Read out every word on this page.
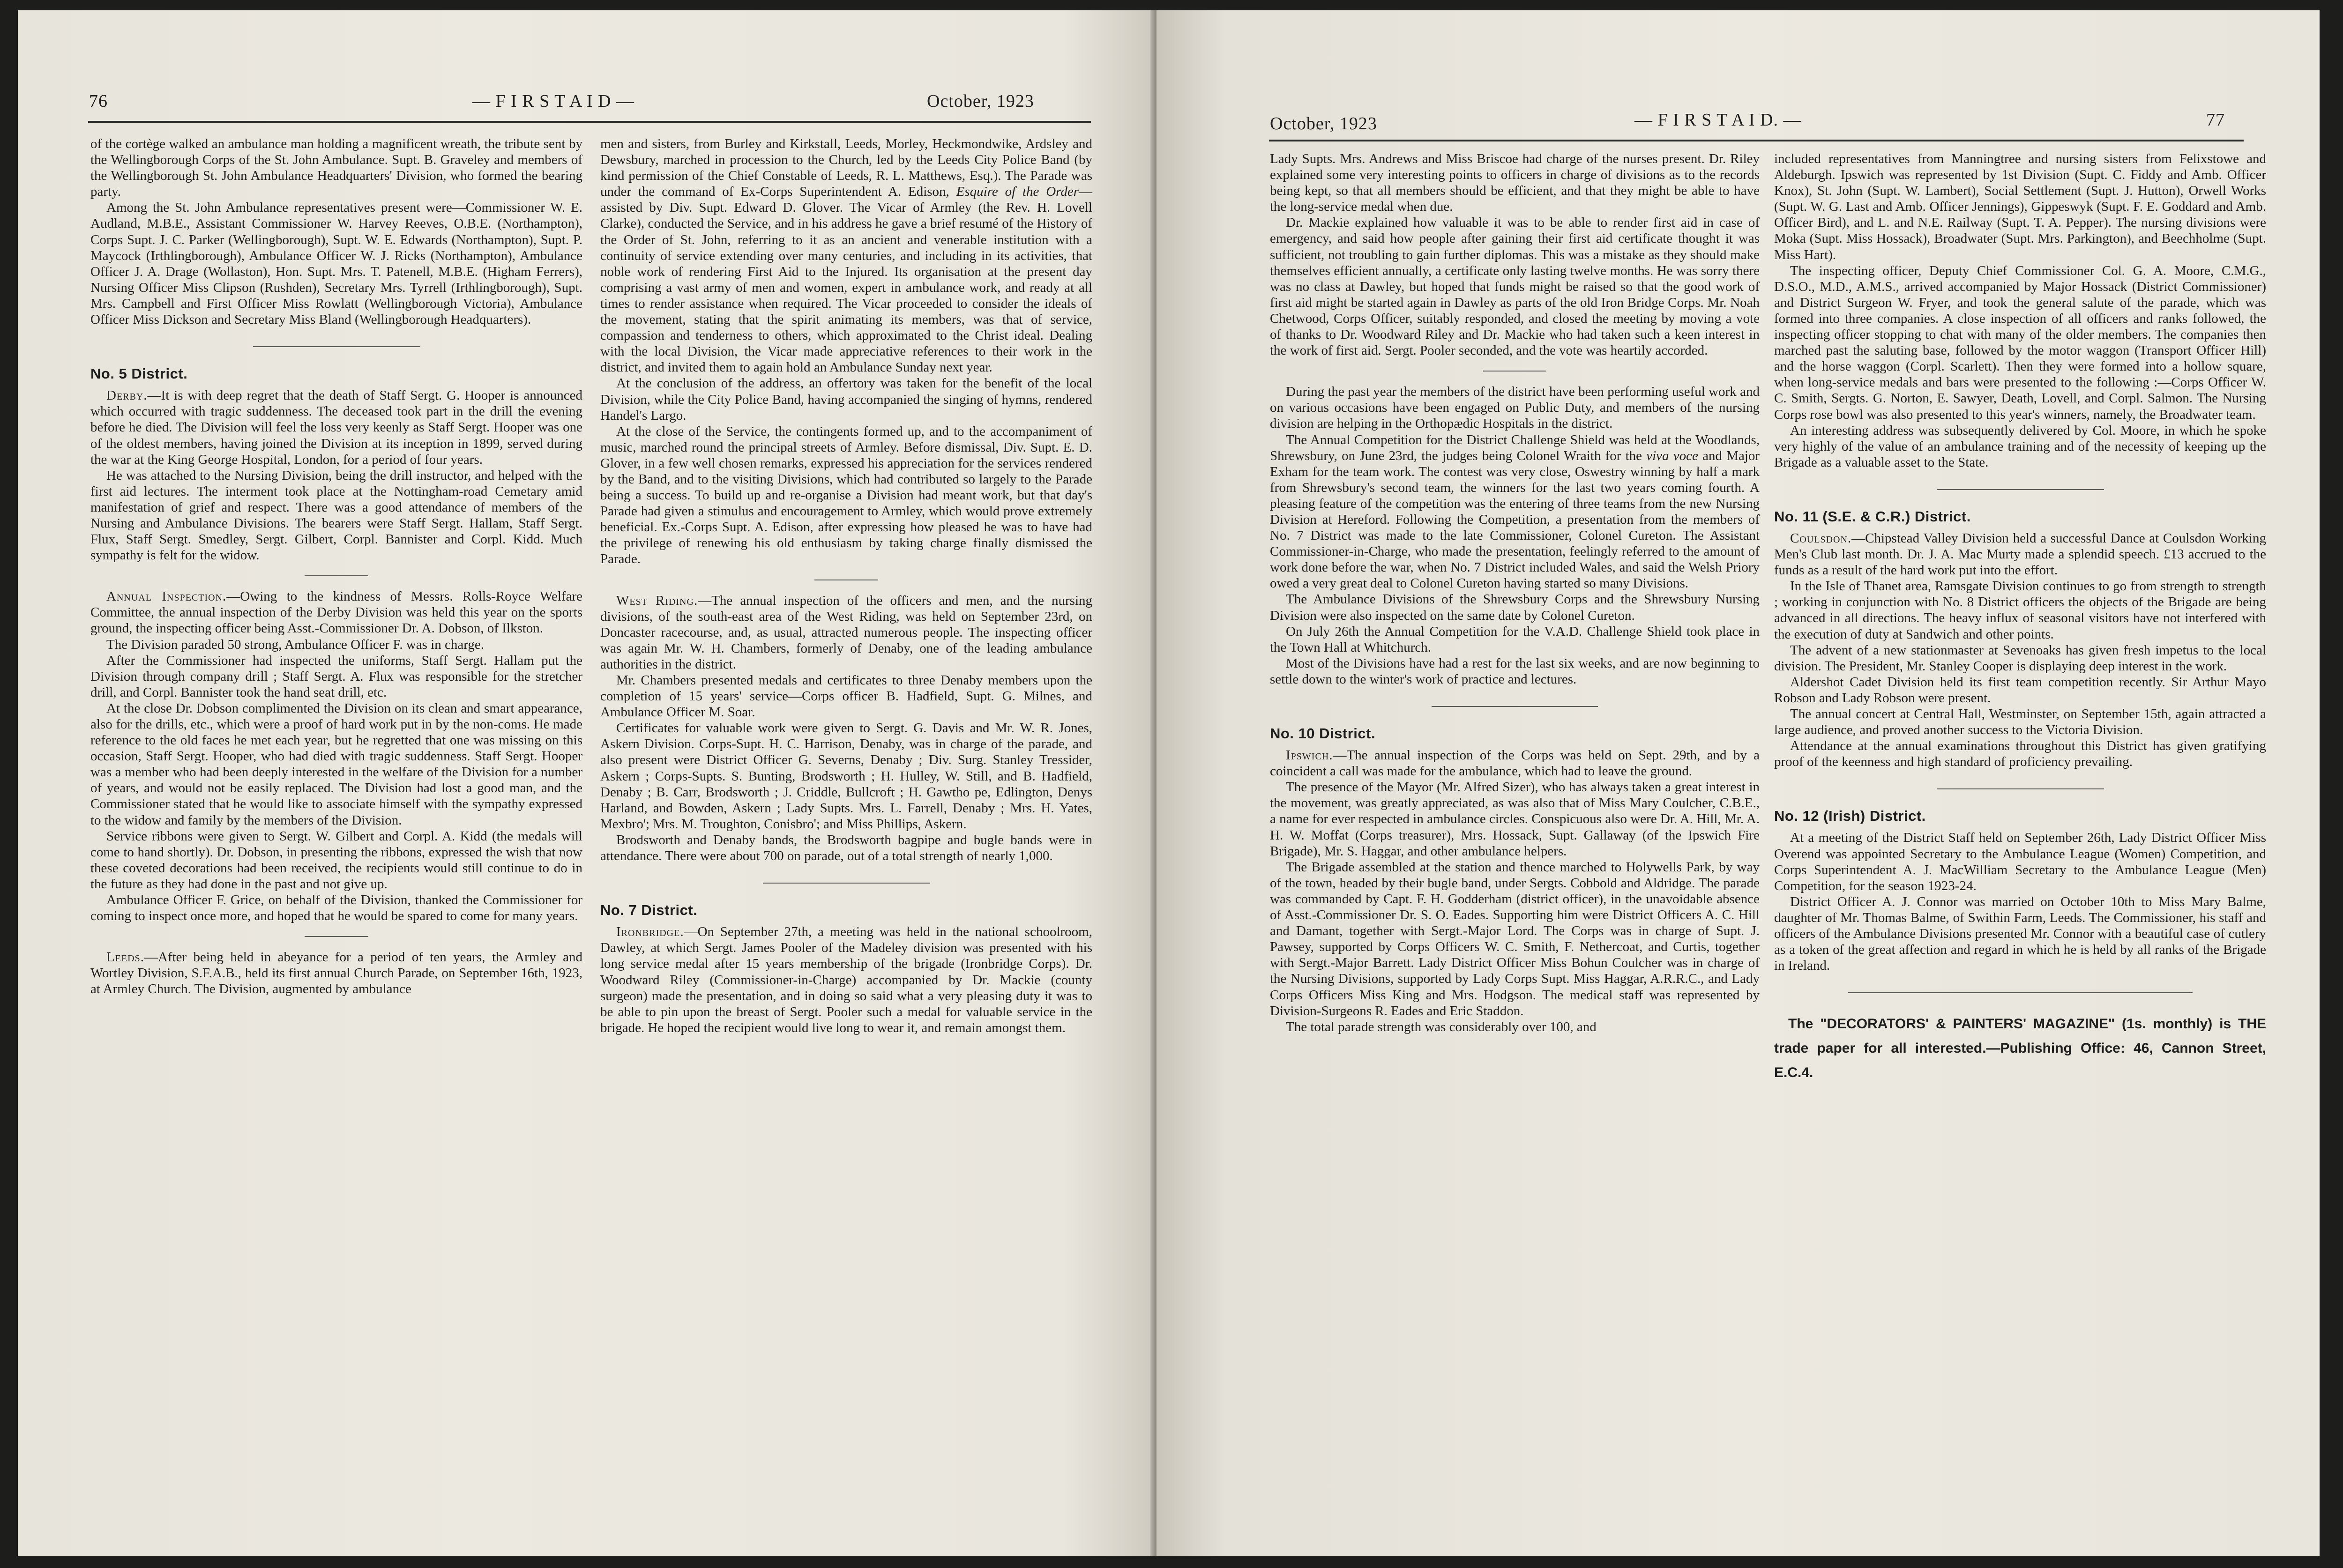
76	— F I R S T A I D —	October, 1923

of the cortège walked an ambulance man holding a magnificent wreath, the tribute sent by the Wellingborough Corps of the St. John Ambulance. Supt. B. Graveley and members of the Wellingborough St. John Ambulance Headquarters' Division, who formed the bearing party.

Among the St. John Ambulance representatives present were—Commissioner W. E. Audland, M.B.E., Assistant Commissioner W. Harvey Reeves, O.B.E. (Northampton), Corps Supt. J. C. Parker (Wellingborough), Supt. W. E. Edwards (Northampton), Supt. P. Maycock (Irthlingborough), Ambulance Officer W. J. Ricks (Northampton), Ambulance Officer J. A. Drage (Wollaston), Hon. Supt. Mrs. T. Patenell, M.B.E. (Higham Ferrers), Nursing Officer Miss Clipson (Rushden), Secretary Mrs. Tyrrell (Irthlingborough), Supt. Mrs. Campbell and First Officer Miss Rowlatt (Wellingborough Victoria), Ambulance Officer Miss Dickson and Secretary Miss Bland (Wellingborough Headquarters).

No. 5 District.

Derby.—It is with deep regret that the death of Staff Sergt. G. Hooper is announced which occurred with tragic suddenness. The deceased took part in the drill the evening before he died. The Division will feel the loss very keenly as Staff Sergt. Hooper was one of the oldest members, having joined the Division at its inception in 1899, served during the war at the King George Hospital, London, for a period of four years.

He was attached to the Nursing Division, being the drill instructor, and helped with the first aid lectures. The interment took place at the Nottingham-road Cemetary amid manifestation of grief and respect. There was a good attendance of members of the Nursing and Ambulance Divisions. The bearers were Staff Sergt. Hallam, Staff Sergt. Flux, Staff Sergt. Smedley, Sergt. Gilbert, Corpl. Bannister and Corpl. Kidd. Much sympathy is felt for the widow.

Annual Inspection.—Owing to the kindness of Messrs. Rolls-Royce Welfare Committee, the annual inspection of the Derby Division was held this year on the sports ground, the inspecting officer being Asst.-Commissioner Dr. A. Dobson, of Ilkston.

The Division paraded 50 strong, Ambulance Officer F. was in charge.

After the Commissioner had inspected the uniforms, Staff Sergt. Hallam put the Division through company drill ; Staff Sergt. A. Flux was responsible for the stretcher drill, and Corpl. Bannister took the hand seat drill, etc.

At the close Dr. Dobson complimented the Division on its clean and smart appearance, also for the drills, etc., which were a proof of hard work put in by the non-coms. He made reference to the old faces he met each year, but he regretted that one was missing on this occasion, Staff Sergt. Hooper, who had died with tragic suddenness. Staff Sergt. Hooper was a member who had been deeply interested in the welfare of the Division for a number of years, and would not be easily replaced. The Division had lost a good man, and the Commissioner stated that he would like to associate himself with the sympathy expressed to the widow and family by the members of the Division.

Service ribbons were given to Sergt. W. Gilbert and Corpl. A. Kidd (the medals will come to hand shortly). Dr. Dobson, in presenting the ribbons, expressed the wish that now these coveted decorations had been received, the recipients would still continue to do in the future as they had done in the past and not give up.

Ambulance Officer F. Grice, on behalf of the Division, thanked the Commissioner for coming to inspect once more, and hoped that he would be spared to come for many years.

Leeds.—After being held in abeyance for a period of ten years, the Armley and Wortley Division, S.F.A.B., held its first annual Church Parade, on September 16th, 1923, at Armley Church. The Division, augmented by ambulance

men and sisters, from Burley and Kirkstall, Leeds, Morley, Heckmondwike, Ardsley and Dewsbury, marched in procession to the Church, led by the Leeds City Police Band (by kind permission of the Chief Constable of Leeds, R. L. Matthews, Esq.). The Parade was under the command of Ex-Corps Superintendent A. Edison, Esquire of the Order—assisted by Div. Supt. Edward D. Glover. The Vicar of Armley (the Rev. H. Lovell Clarke), conducted the Service, and in his address he gave a brief resumé of the History of the Order of St. John, referring to it as an ancient and venerable institution with a continuity of service extending over many centuries, and including in its activities, that noble work of rendering First Aid to the Injured. Its organisation at the present day comprising a vast army of men and women, expert in ambulance work, and ready at all times to render assistance when required. The Vicar proceeded to consider the ideals of the movement, stating that the spirit animating its members, was that of service, compassion and tenderness to others, which approximated to the Christ ideal. Dealing with the local Division, the Vicar made appreciative references to their work in the district, and invited them to again hold an Ambulance Sunday next year.

At the conclusion of the address, an offertory was taken for the benefit of the local Division, while the City Police Band, having accompanied the singing of hymns, rendered Handel's Largo.

At the close of the Service, the contingents formed up, and to the accompaniment of music, marched round the principal streets of Armley. Before dismissal, Div. Supt. E. D. Glover, in a few well chosen remarks, expressed his appreciation for the services rendered by the Band, and to the visiting Divisions, which had contributed so largely to the Parade being a success. To build up and re-organise a Division had meant work, but that day's Parade had given a stimulus and encouragement to Armley, which would prove extremely beneficial. Ex.-Corps Supt. A. Edison, after expressing how pleased he was to have had the privilege of renewing his old enthusiasm by taking charge finally dismissed the Parade.

West Riding.—The annual inspection of the officers and men, and the nursing divisions, of the south-east area of the West Riding, was held on September 23rd, on Doncaster racecourse, and, as usual, attracted numerous people. The inspecting officer was again Mr. W. H. Chambers, formerly of Denaby, one of the leading ambulance authorities in the district.

Mr. Chambers presented medals and certificates to three Denaby members upon the completion of 15 years' service—Corps officer B. Hadfield, Supt. G. Milnes, and Ambulance Officer M. Soar.

Certificates for valuable work were given to Sergt. G. Davis and Mr. W. R. Jones, Askern Division. Corps-Supt. H. C. Harrison, Denaby, was in charge of the parade, and also present were District Officer G. Severns, Denaby ; Div. Surg. Stanley Tressider, Askern ; Corps-Supts. S. Bunting, Brodsworth ; H. Hulley, W. Still, and B. Hadfield, Denaby ; B. Carr, Brodsworth ; J. Criddle, Bullcroft ; H. Gawtho pe, Edlington, Denys Harland, and Bowden, Askern ; Lady Supts. Mrs. L. Farrell, Denaby ; Mrs. H. Yates, Mexbro'; Mrs. M. Troughton, Conisbro'; and Miss Phillips, Askern.

Brodsworth and Denaby bands, the Brodsworth bagpipe and bugle bands were in attendance. There were about 700 on parade, out of a total strength of nearly 1,000.

No. 7 District.

Ironbridge.—On September 27th, a meeting was held in the national schoolroom, Dawley, at which Sergt. James Pooler of the Madeley division was presented with his long service medal after 15 years membership of the brigade (Ironbridge Corps). Dr. Woodward Riley (Commissioner-in-Charge) accompanied by Dr. Mackie (county surgeon) made the presentation, and in doing so said what a very pleasing duty it was to be able to pin upon the breast of Sergt. Pooler such a medal for valuable service in the brigade. He hoped the recipient would live long to wear it, and remain amongst them.

October, 1923	— F I R S T A I D. —	77

Lady Supts. Mrs. Andrews and Miss Briscoe had charge of the nurses present. Dr. Riley explained some very interesting points to officers in charge of divisions as to the records being kept, so that all members should be efficient, and that they might be able to have the long-service medal when due.

Dr. Mackie explained how valuable it was to be able to render first aid in case of emergency, and said how people after gaining their first aid certificate thought it was sufficient, not troubling to gain further diplomas. This was a mistake as they should make themselves efficient annually, a certificate only lasting twelve months. He was sorry there was no class at Dawley, but hoped that funds might be raised so that the good work of first aid might be started again in Dawley as parts of the old Iron Bridge Corps. Mr. Noah Chetwood, Corps Officer, suitably responded, and closed the meeting by moving a vote of thanks to Dr. Woodward Riley and Dr. Mackie who had taken such a keen interest in the work of first aid. Sergt. Pooler seconded, and the vote was heartily accorded.

During the past year the members of the district have been performing useful work and on various occasions have been engaged on Public Duty, and members of the nursing division are helping in the Orthopædic Hospitals in the district.

The Annual Competition for the District Challenge Shield was held at the Woodlands, Shrewsbury, on June 23rd, the judges being Colonel Wraith for the viva voce and Major Exham for the team work. The contest was very close, Oswestry winning by half a mark from Shrewsbury's second team, the winners for the last two years coming fourth. A pleasing feature of the competition was the entering of three teams from the new Nursing Division at Hereford. Following the Competition, a presentation from the members of No. 7 District was made to the late Commissioner, Colonel Cureton. The Assistant Commissioner-in-Charge, who made the presentation, feelingly referred to the amount of work done before the war, when No. 7 District included Wales, and said the Welsh Priory owed a very great deal to Colonel Cureton having started so many Divisions.

The Ambulance Divisions of the Shrewsbury Corps and the Shrewsbury Nursing Division were also inspected on the same date by Colonel Cureton.

On July 26th the Annual Competition for the V.A.D. Challenge Shield took place in the Town Hall at Whitchurch.

Most of the Divisions have had a rest for the last six weeks, and are now beginning to settle down to the winter's work of practice and lectures.

No. 10 District.

Ipswich.—The annual inspection of the Corps was held on Sept. 29th, and by a coincident a call was made for the ambulance, which had to leave the ground.

The presence of the Mayor (Mr. Alfred Sizer), who has always taken a great interest in the movement, was greatly appreciated, as was also that of Miss Mary Coulcher, C.B.E., a name for ever respected in ambulance circles. Conspicuous also were Dr. A. Hill, Mr. A. H. W. Moffat (Corps treasurer), Mrs. Hossack, Supt. Gallaway (of the Ipswich Fire Brigade), Mr. S. Haggar, and other ambulance helpers.

The Brigade assembled at the station and thence marched to Holywells Park, by way of the town, headed by their bugle band, under Sergts. Cobbold and Aldridge. The parade was commanded by Capt. F. H. Godderham (district officer), in the unavoidable absence of Asst.-Commissioner Dr. S. O. Eades. Supporting him were District Officers A. C. Hill and Damant, together with Sergt.-Major Lord. The Corps was in charge of Supt. J. Pawsey, supported by Corps Officers W. C. Smith, F. Nethercoat, and Curtis, together with Sergt.-Major Barrett. Lady District Officer Miss Bohun Coulcher was in charge of the Nursing Divisions, supported by Lady Corps Supt. Miss Haggar, A.R.R.C., and Lady Corps Officers Miss King and Mrs. Hodgson. The medical staff was represented by Division-Surgeons R. Eades and Eric Staddon.

The total parade strength was considerably over 100, and

included representatives from Manningtree and nursing sisters from Felixstowe and Aldeburgh. Ipswich was represented by 1st Division (Supt. C. Fiddy and Amb. Officer Knox), St. John (Supt. W. Lambert), Social Settlement (Supt. J. Hutton), Orwell Works (Supt. W. G. Last and Amb. Officer Jennings), Gippeswyk (Supt. F. E. Goddard and Amb. Officer Bird), and L. and N.E. Railway (Supt. T. A. Pepper). The nursing divisions were Moka (Supt. Miss Hossack), Broadwater (Supt. Mrs. Parkington), and Beechholme (Supt. Miss Hart).

The inspecting officer, Deputy Chief Commissioner Col. G. A. Moore, C.M.G., D.S.O., M.D., A.M.S., arrived accompanied by Major Hossack (District Commissioner) and District Surgeon W. Fryer, and took the general salute of the parade, which was formed into three companies. A close inspection of all officers and ranks followed, the inspecting officer stopping to chat with many of the older members. The companies then marched past the saluting base, followed by the motor waggon (Transport Officer Hill) and the horse waggon (Corpl. Scarlett). Then they were formed into a hollow square, when long-service medals and bars were presented to the following :—Corps Officer W. C. Smith, Sergts. G. Norton, E. Sawyer, Death, Lovell, and Corpl. Salmon. The Nursing Corps rose bowl was also presented to this year's winners, namely, the Broadwater team.

An interesting address was subsequently delivered by Col. Moore, in which he spoke very highly of the value of an ambulance training and of the necessity of keeping up the Brigade as a valuable asset to the State.

No. 11 (S.E. & C.R.) District.

Coulsdon.—Chipstead Valley Division held a successful Dance at Coulsdon Working Men's Club last month. Dr. J. A. Mac Murty made a splendid speech. £13 accrued to the funds as a result of the hard work put into the effort.

In the Isle of Thanet area, Ramsgate Division continues to go from strength to strength ; working in conjunction with No. 8 District officers the objects of the Brigade are being advanced in all directions. The heavy influx of seasonal visitors have not interfered with the execution of duty at Sandwich and other points.

The advent of a new stationmaster at Sevenoaks has given fresh impetus to the local division. The President, Mr. Stanley Cooper is displaying deep interest in the work.

Aldershot Cadet Division held its first team competition recently. Sir Arthur Mayo Robson and Lady Robson were present.

The annual concert at Central Hall, Westminster, on September 15th, again attracted a large audience, and proved another success to the Victoria Division.

Attendance at the annual examinations throughout this District has given gratifying proof of the keenness and high standard of proficiency prevailing.

No. 12 (Irish) District.

At a meeting of the District Staff held on September 26th, Lady District Officer Miss Overend was appointed Secretary to the Ambulance League (Women) Competition, and Corps Superintendent A. J. MacWilliam Secretary to the Ambulance League (Men) Competition, for the season 1923-24.

District Officer A. J. Connor was married on October 10th to Miss Mary Balme, daughter of Mr. Thomas Balme, of Swithin Farm, Leeds. The Commissioner, his staff and officers of the Ambulance Divisions presented Mr. Connor with a beautiful case of cutlery as a token of the great affection and regard in which he is held by all ranks of the Brigade in Ireland.

The "DECORATORS' & PAINTERS' MAGAZINE" (1s. monthly) is THE trade paper for all interested.—Publishing Office: 46, Cannon Street, E.C.4.
